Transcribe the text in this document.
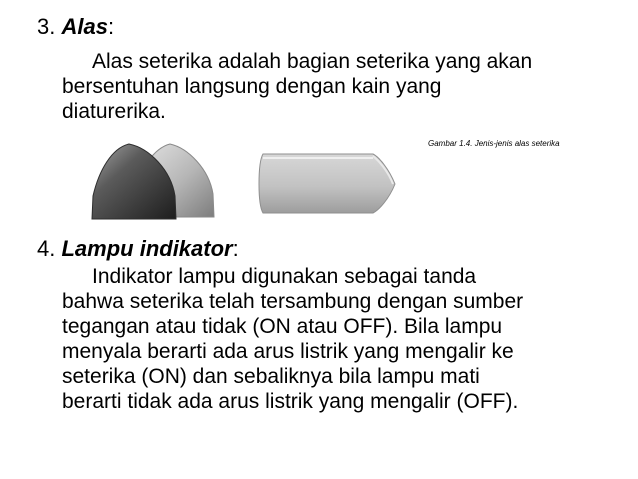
3. Alas:
Alas seterika adalah bagian seterika yang akan
bersentuhan langsung dengan kain yang
diaturerika.
Gambar 1.4. Jenis-jenis alas seterika
4. Lampu indikator:
Indikator lampu digunakan sebagai tanda
bahwa seterika telah tersambung dengan sumber
tegangan atau tidak (ON atau OFF). Bila lampu
menyala berarti ada arus listrik yang mengalir ke
seterika (ON) dan sebaliknya bila lampu mati
berarti tidak ada arus listrik yang mengalir (OFF).
